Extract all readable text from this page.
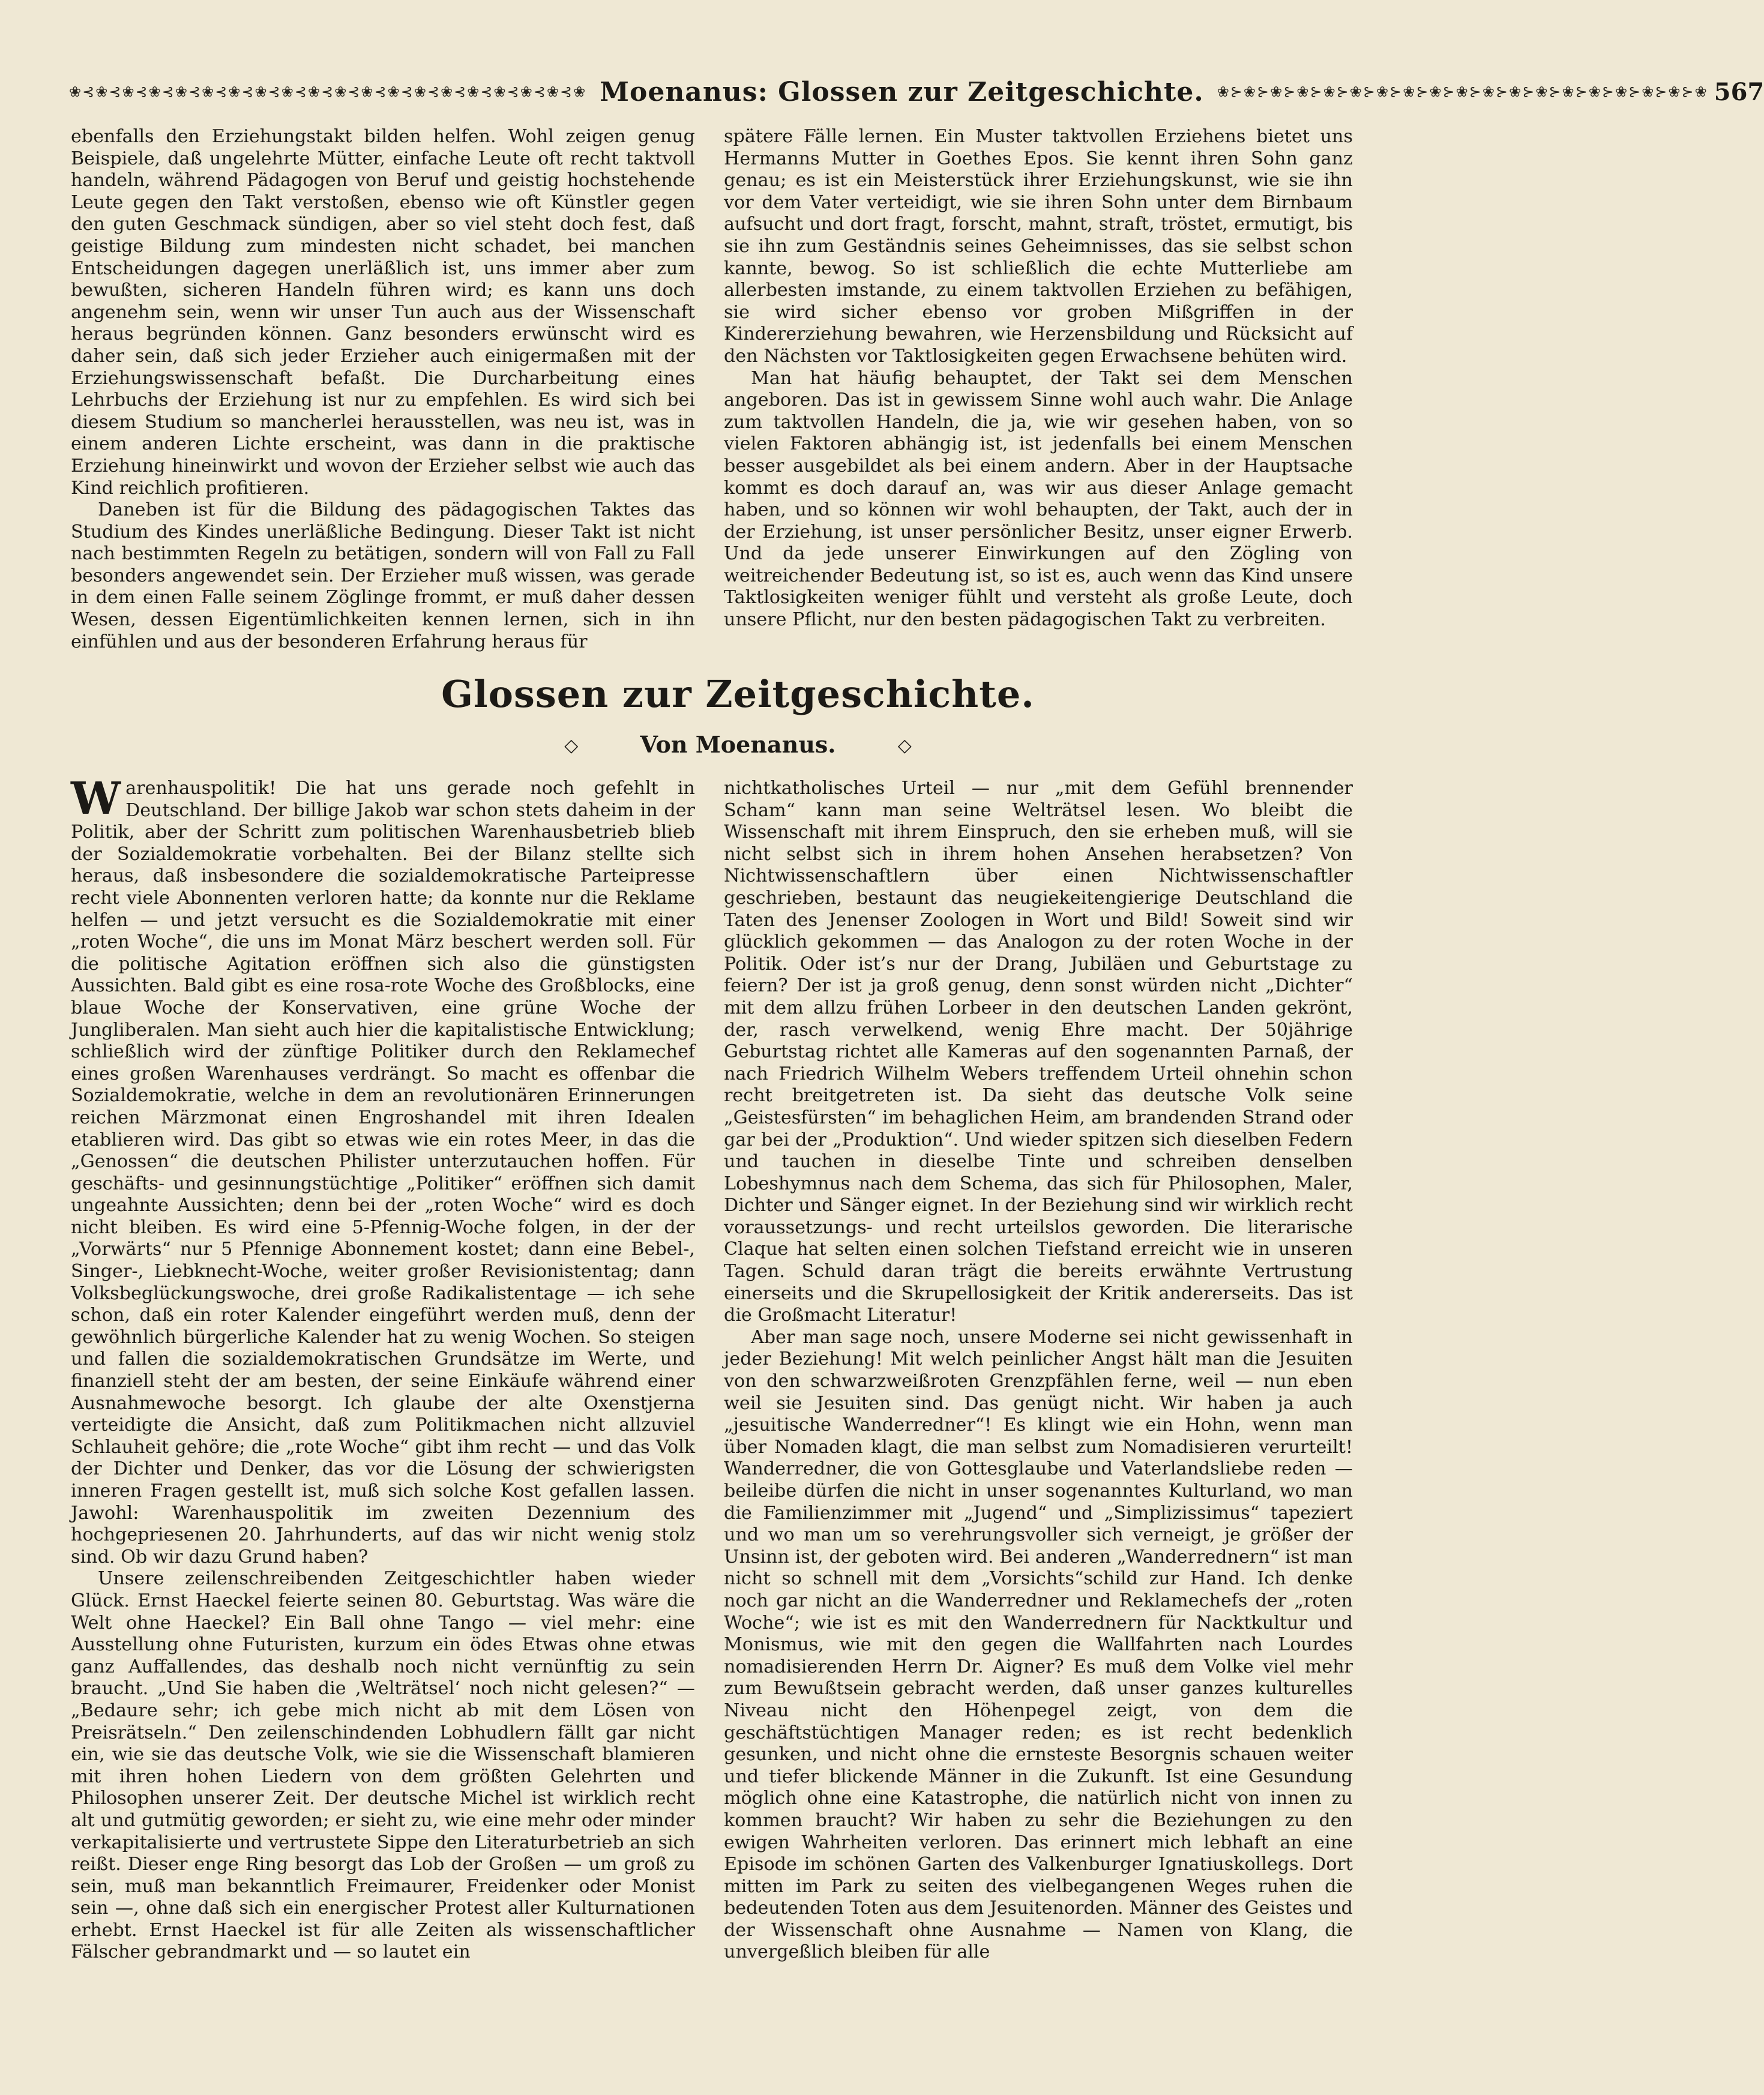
❀⊰❀⊰❀⊰❀⊰❀⊰❀⊰❀⊰❀⊰❀⊰❀⊰❀⊰❀⊰❀⊰❀⊰❀⊰❀⊰❀⊰❀⊰❀⊰❀ Moenanus: Glossen zur Zeitgeschichte. ❀⊱❀⊱❀⊱❀⊱❀⊱❀⊱❀⊱❀⊱❀⊱❀⊱❀⊱❀⊱❀⊱❀⊱❀⊱❀⊱❀⊱❀⊱❀ 567

ebenfalls den Erziehungstakt bilden helfen. Wohl zeigen genug Beispiele, daß ungelehrte Mütter, einfache Leute oft recht taktvoll handeln, während Pädagogen von Beruf und geistig hochstehende Leute gegen den Takt verstoßen, ebenso wie oft Künstler gegen den guten Geschmack sündigen, aber so viel steht doch fest, daß geistige Bildung zum mindesten nicht schadet, bei manchen Entscheidungen dagegen unerläßlich ist, uns immer aber zum bewußten, sicheren Handeln führen wird; es kann uns doch angenehm sein, wenn wir unser Tun auch aus der Wissenschaft heraus begründen können. Ganz besonders erwünscht wird es daher sein, daß sich jeder Erzieher auch einigermaßen mit der Erziehungswissenschaft befaßt. Die Durcharbeitung eines Lehrbuchs der Erziehung ist nur zu empfehlen. Es wird sich bei diesem Studium so mancherlei herausstellen, was neu ist, was in einem anderen Lichte erscheint, was dann in die praktische Erziehung hineinwirkt und wovon der Erzieher selbst wie auch das Kind reichlich profitieren.

Daneben ist für die Bildung des pädagogischen Taktes das Studium des Kindes unerläßliche Bedingung. Dieser Takt ist nicht nach bestimmten Regeln zu betätigen, sondern will von Fall zu Fall besonders angewendet sein. Der Erzieher muß wissen, was gerade in dem einen Falle seinem Zöglinge frommt, er muß daher dessen Wesen, dessen Eigentümlichkeiten kennen lernen, sich in ihn einfühlen und aus der besonderen Erfahrung heraus für

spätere Fälle lernen. Ein Muster taktvollen Erziehens bietet uns Hermanns Mutter in Goethes Epos. Sie kennt ihren Sohn ganz genau; es ist ein Meisterstück ihrer Erziehungskunst, wie sie ihn vor dem Vater verteidigt, wie sie ihren Sohn unter dem Birnbaum aufsucht und dort fragt, forscht, mahnt, straft, tröstet, ermutigt, bis sie ihn zum Geständnis seines Geheimnisses, das sie selbst schon kannte, bewog. So ist schließlich die echte Mutterliebe am allerbesten imstande, zu einem taktvollen Erziehen zu befähigen, sie wird sicher ebenso vor groben Mißgriffen in der Kindererziehung bewahren, wie Herzensbildung und Rücksicht auf den Nächsten vor Taktlosigkeiten gegen Erwachsene behüten wird.

Man hat häufig behauptet, der Takt sei dem Menschen angeboren. Das ist in gewissem Sinne wohl auch wahr. Die Anlage zum taktvollen Handeln, die ja, wie wir gesehen haben, von so vielen Faktoren abhängig ist, ist jedenfalls bei einem Menschen besser ausgebildet als bei einem andern. Aber in der Hauptsache kommt es doch darauf an, was wir aus dieser Anlage gemacht haben, und so können wir wohl behaupten, der Takt, auch der in der Erziehung, ist unser persönlicher Besitz, unser eigner Erwerb. Und da jede unserer Einwirkungen auf den Zögling von weitreichender Bedeutung ist, so ist es, auch wenn das Kind unsere Taktlosigkeiten weniger fühlt und versteht als große Leute, doch unsere Pflicht, nur den besten pädagogischen Takt zu verbreiten.

Glossen zur Zeitgeschichte.
◇	Von Moenanus.	◇

Warenhauspolitik! Die hat uns gerade noch gefehlt in Deutschland. Der billige Jakob war schon stets daheim in der Politik, aber der Schritt zum politischen Warenhausbetrieb blieb der Sozialdemokratie vorbehalten. Bei der Bilanz stellte sich heraus, daß insbesondere die sozialdemokratische Parteipresse recht viele Abonnenten verloren hatte; da konnte nur die Reklame helfen — und jetzt versucht es die Sozialdemokratie mit einer „roten Woche“, die uns im Monat März beschert werden soll. Für die politische Agitation eröffnen sich also die günstigsten Aussichten. Bald gibt es eine rosa-rote Woche des Großblocks, eine blaue Woche der Konservativen, eine grüne Woche der Jungliberalen. Man sieht auch hier die kapitalistische Entwicklung; schließlich wird der zünftige Politiker durch den Reklamechef eines großen Warenhauses verdrängt. So macht es offenbar die Sozialdemokratie, welche in dem an revolutionären Erinnerungen reichen Märzmonat einen Engroshandel mit ihren Idealen etablieren wird. Das gibt so etwas wie ein rotes Meer, in das die „Genossen“ die deutschen Philister unterzutauchen hoffen. Für geschäfts- und gesinnungstüchtige „Politiker“ eröffnen sich damit ungeahnte Aussichten; denn bei der „roten Woche“ wird es doch nicht bleiben. Es wird eine 5-Pfennig-Woche folgen, in der der „Vorwärts“ nur 5 Pfennige Abonnement kostet; dann eine Bebel-, Singer-, Liebknecht-Woche, weiter großer Revisionistentag; dann Volksbeglückungswoche, drei große Radikalistentage — ich sehe schon, daß ein roter Kalender eingeführt werden muß, denn der gewöhnlich bürgerliche Kalender hat zu wenig Wochen. So steigen und fallen die sozialdemokratischen Grundsätze im Werte, und finanziell steht der am besten, der seine Einkäufe während einer Ausnahmewoche besorgt. Ich glaube der alte Oxenstjerna verteidigte die Ansicht, daß zum Politikmachen nicht allzuviel Schlauheit gehöre; die „rote Woche“ gibt ihm recht — und das Volk der Dichter und Denker, das vor die Lösung der schwierigsten inneren Fragen gestellt ist, muß sich solche Kost gefallen lassen. Jawohl: Warenhauspolitik im zweiten Dezennium des hochgepriesenen 20. Jahrhunderts, auf das wir nicht wenig stolz sind. Ob wir dazu Grund haben?

Unsere zeilenschreibenden Zeitgeschichtler haben wieder Glück. Ernst Haeckel feierte seinen 80. Geburtstag. Was wäre die Welt ohne Haeckel? Ein Ball ohne Tango — viel mehr: eine Ausstellung ohne Futuristen, kurzum ein ödes Etwas ohne etwas ganz Auffallendes, das deshalb noch nicht vernünftig zu sein braucht. „Und Sie haben die ‚Welträtsel‘ noch nicht gelesen?“ — „Bedaure sehr; ich gebe mich nicht ab mit dem Lösen von Preisrätseln.“ Den zeilenschindenden Lobhudlern fällt gar nicht ein, wie sie das deutsche Volk, wie sie die Wissenschaft blamieren mit ihren hohen Liedern von dem größten Gelehrten und Philosophen unserer Zeit. Der deutsche Michel ist wirklich recht alt und gutmütig geworden; er sieht zu, wie eine mehr oder minder verkapitalisierte und vertrustete Sippe den Literaturbetrieb an sich reißt. Dieser enge Ring besorgt das Lob der Großen — um groß zu sein, muß man bekanntlich Freimaurer, Freidenker oder Monist sein —, ohne daß sich ein energischer Protest aller Kulturnationen erhebt. Ernst Haeckel ist für alle Zeiten als wissenschaftlicher Fälscher gebrandmarkt und — so lautet ein

nichtkatholisches Urteil — nur „mit dem Gefühl brennender Scham“ kann man seine Welträtsel lesen. Wo bleibt die Wissenschaft mit ihrem Einspruch, den sie erheben muß, will sie nicht selbst sich in ihrem hohen Ansehen herabsetzen? Von Nichtwissenschaftlern über einen Nichtwissenschaftler geschrieben, bestaunt das neugiekeitengierige Deutschland die Taten des Jenenser Zoologen in Wort und Bild! Soweit sind wir glücklich gekommen — das Analogon zu der roten Woche in der Politik. Oder ist’s nur der Drang, Jubiläen und Geburtstage zu feiern? Der ist ja groß genug, denn sonst würden nicht „Dichter“ mit dem allzu frühen Lorbeer in den deutschen Landen gekrönt, der, rasch verwelkend, wenig Ehre macht. Der 50jährige Geburtstag richtet alle Kameras auf den sogenannten Parnaß, der nach Friedrich Wilhelm Webers treffendem Urteil ohnehin schon recht breitgetreten ist. Da sieht das deutsche Volk seine „Geistesfürsten“ im behaglichen Heim, am brandenden Strand oder gar bei der „Produktion“. Und wieder spitzen sich dieselben Federn und tauchen in dieselbe Tinte und schreiben denselben Lobeshymnus nach dem Schema, das sich für Philosophen, Maler, Dichter und Sänger eignet. In der Beziehung sind wir wirklich recht voraussetzungs- und recht urteilslos geworden. Die literarische Claque hat selten einen solchen Tiefstand erreicht wie in unseren Tagen. Schuld daran trägt die bereits erwähnte Vertrustung einerseits und die Skrupellosigkeit der Kritik andererseits. Das ist die Großmacht Literatur!

Aber man sage noch, unsere Moderne sei nicht gewissenhaft in jeder Beziehung! Mit welch peinlicher Angst hält man die Jesuiten von den schwarzweißroten Grenzpfählen ferne, weil — nun eben weil sie Jesuiten sind. Das genügt nicht. Wir haben ja auch „jesuitische Wanderredner“! Es klingt wie ein Hohn, wenn man über Nomaden klagt, die man selbst zum Nomadisieren verurteilt! Wanderredner, die von Gottesglaube und Vaterlandsliebe reden — beileibe dürfen die nicht in unser sogenanntes Kulturland, wo man die Familienzimmer mit „Jugend“ und „Simplizissimus“ tapeziert und wo man um so verehrungsvoller sich verneigt, je größer der Unsinn ist, der geboten wird. Bei anderen „Wanderrednern“ ist man nicht so schnell mit dem „Vorsichts“schild zur Hand. Ich denke noch gar nicht an die Wanderredner und Reklamechefs der „roten Woche“; wie ist es mit den Wanderrednern für Nacktkultur und Monismus, wie mit den gegen die Wallfahrten nach Lourdes nomadisierenden Herrn Dr. Aigner? Es muß dem Volke viel mehr zum Bewußtsein gebracht werden, daß unser ganzes kulturelles Niveau nicht den Höhenpegel zeigt, von dem die geschäftstüchtigen Manager reden; es ist recht bedenklich gesunken, und nicht ohne die ernsteste Besorgnis schauen weiter und tiefer blickende Männer in die Zukunft. Ist eine Gesundung möglich ohne eine Katastrophe, die natürlich nicht von innen zu kommen braucht? Wir haben zu sehr die Beziehungen zu den ewigen Wahrheiten verloren. Das erinnert mich lebhaft an eine Episode im schönen Garten des Valkenburger Ignatiuskollegs. Dort mitten im Park zu seiten des vielbegangenen Weges ruhen die bedeutenden Toten aus dem Jesuitenorden. Männer des Geistes und der Wissenschaft ohne Ausnahme — Namen von Klang, die unvergeßlich bleiben für alle
